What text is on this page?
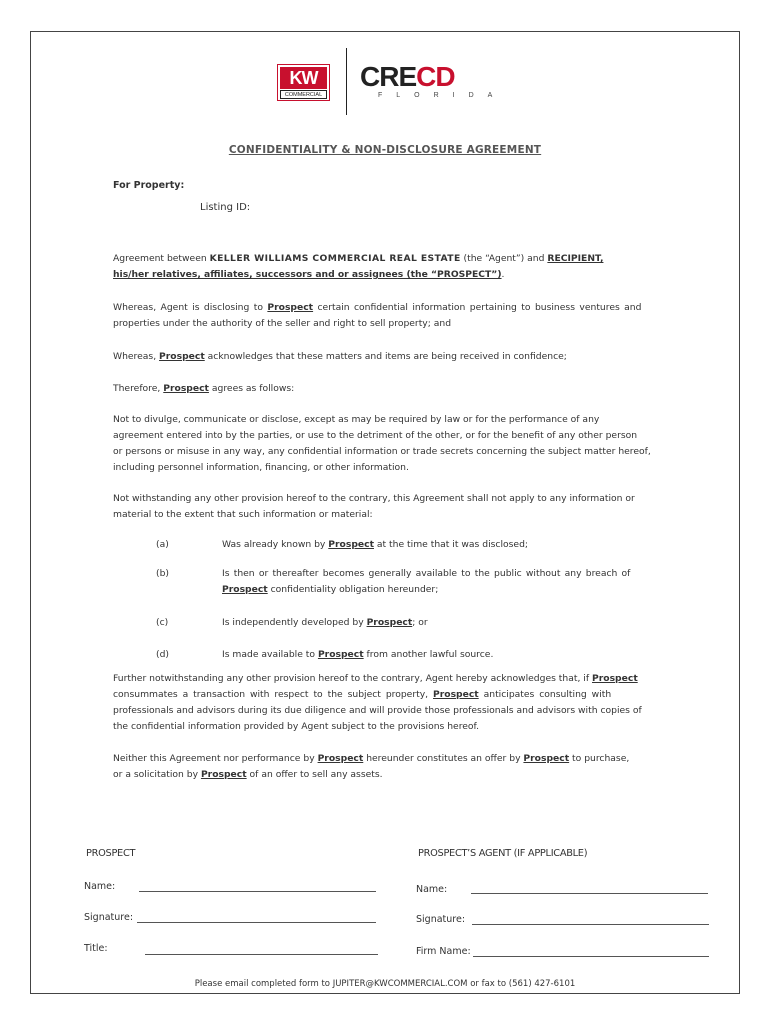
KW
COMMERCIAL
CRECD
FLORIDA
CONFIDENTIALITY & NON-DISCLOSURE AGREEMENT
For Property:
Listing ID:
Agreement between KELLER WILLIAMS COMMERCIAL REAL ESTATE (the “Agent”) and RECIPIENT,
his/her relatives, affiliates, successors and or assignees (the “PROSPECT”).
Whereas, Agent is disclosing to Prospect certain confidential information pertaining to business ventures and
properties under the authority of the seller and right to sell property; and
Whereas, Prospect acknowledges that these matters and items are being received in confidence;
Therefore, Prospect agrees as follows:
Not to divulge, communicate or disclose, except as may be required by law or for the performance of any
agreement entered into by the parties, or use to the detriment of the other, or for the benefit of any other person
or persons or misuse in any way, any confidential information or trade secrets concerning the subject matter hereof,
including personnel information, financing, or other information.
Not withstanding any other provision hereof to the contrary, this Agreement shall not apply to any information or
material to the extent that such information or material:
(a)	Was already known by Prospect at the time that it was disclosed;
(b)	Is then or thereafter becomes generally available to the public without any breach of
Prospect confidentiality obligation hereunder;
(c)	Is independently developed by Prospect; or
(d)	Is made available to Prospect from another lawful source.
Further notwithstanding any other provision hereof to the contrary, Agent hereby acknowledges that, if Prospect
consummates a transaction with respect to the subject property, Prospect anticipates consulting with
professionals and advisors during its due diligence and will provide those professionals and advisors with copies of
the confidential information provided by Agent subject to the provisions hereof.
Neither this Agreement nor performance by Prospect hereunder constitutes an offer by Prospect to purchase,
or a solicitation by Prospect of an offer to sell any assets.
PROSPECT	PROSPECT’S AGENT (IF APPLICABLE)
Name:	Name:
Signature:	Signature:
Title:	Firm Name:
Please email completed form to JUPITER@KWCOMMERCIAL.COM or fax to (561) 427-6101
